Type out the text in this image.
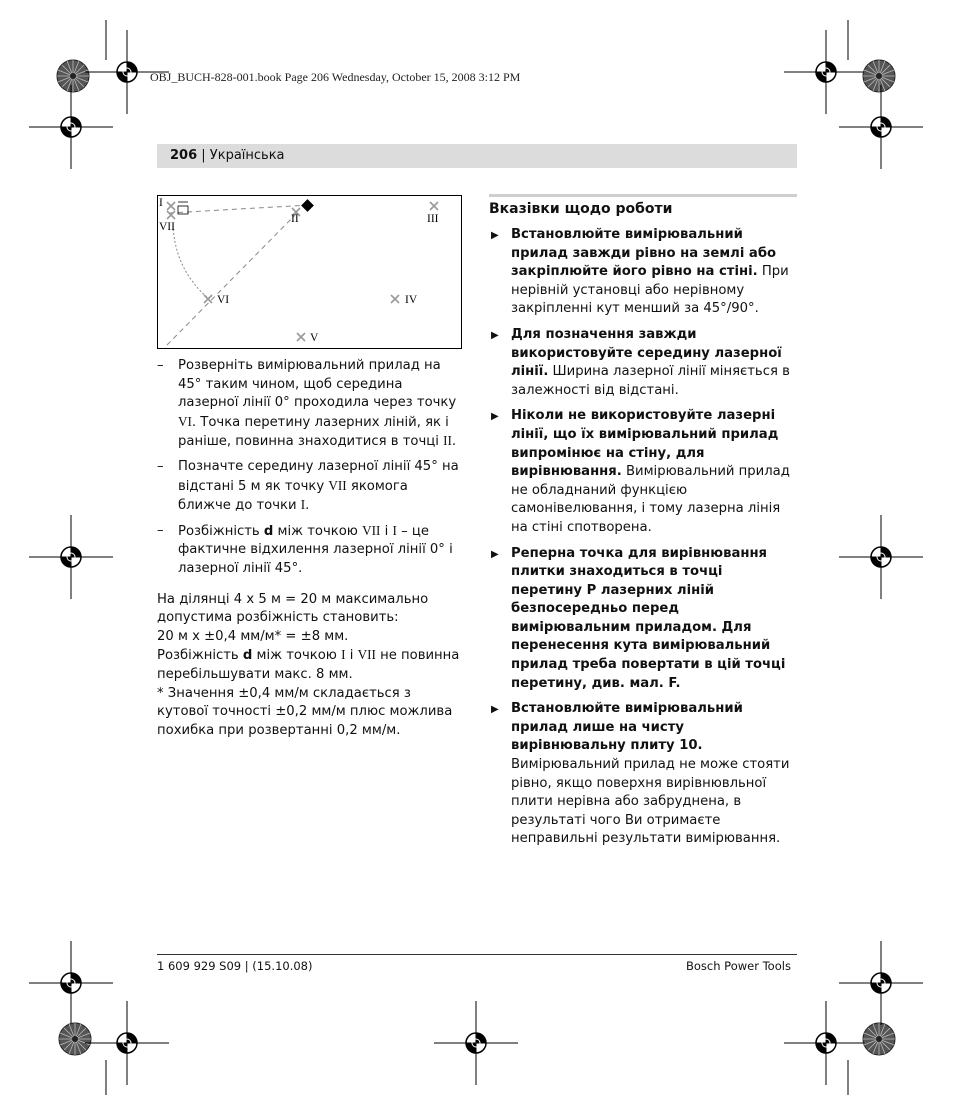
OBJ_BUCH-828-001.book Page 206 Wednesday, October 15, 2008 3:12 PM
206 | Українська
I
VII
II	III
VI	IV
V

– Розверніть вимірювальний прилад на 45° таким чином, щоб середина лазерної лінії 0° проходила через точку VI. Точка перетину лазерних ліній, як і раніше, повинна знаходитися в точці II.

– Позначте середину лазерної лінії 45° на відстані 5 м як точку VII якомога ближче до точки I.

– Розбіжність d між точкою VII і I – це фактичне відхилення лазерної лінії 0° і лазерної лінії 45°.

На ділянці 4 x 5 м = 20 м максимально допустима розбіжність становить:

20 м x ±0,4 мм/м* = ±8 мм.

Розбіжність d між точкою I і VII не повинна перебільшувати макс. 8 мм.

* Значення ±0,4 мм/м складається з кутової точності ±0,2 мм/м плюс можлива похибка при розвертанні 0,2 мм/м.

Вказівки щодо роботи

▶ Встановлюйте вимірювальний прилад завжди рівно на землі або закріплюйте його рівно на стіні. При нерівній установці або нерівному закріпленні кут менший за 45°/90°.

▶ Для позначення завжди використовуйте середину лазерної лінії. Ширина лазерної лінії міняється в залежності від відстані.

▶ Ніколи не використовуйте лазерні лінії, що їх вимірювальний прилад випромінює на стіну, для вирівнювання. Вимірювальний прилад не обладнаний функцією самонівелювання, і тому лазерна лінія на стіні спотворена.

▶ Реперна точка для вирівнювання плитки знаходиться в точці перетину P лазерних ліній безпосередньо перед вимірювальним приладом. Для перенесення кута вимірювальний прилад треба повертати в цій точці перетину, див. мал. F.

▶ Встановлюйте вимірювальний прилад лише на чисту вирівнювальну плиту 10. Вимірювальний прилад не може стояти рівно, якщо поверхня вирівнювльної плити нерівна або забруднена, в результаті чого Ви отримаєте неправильні результати вимірювання.

1 609 929 S09 | (15.10.08)	Bosch Power Tools
